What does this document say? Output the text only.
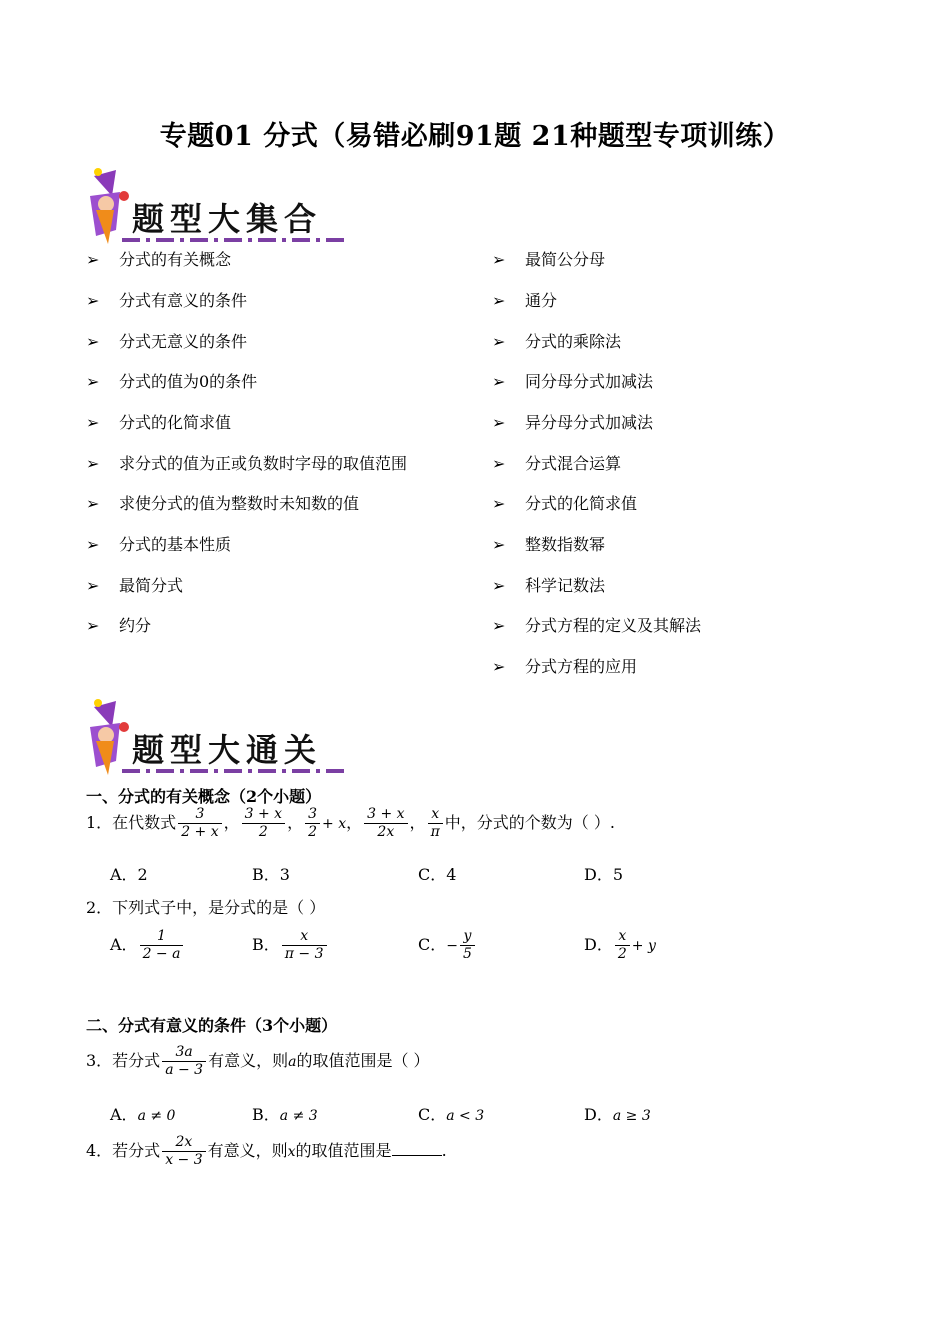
专题01 分式（易错必刷91题 21种题型专项训练）
题型大集合
➢ 分式的有关概念
➢ 分式有意义的条件
➢ 分式无意义的条件
➢ 分式的值为0的条件
➢ 分式的化简求值
➢ 求分式的值为正或负数时字母的取值范围
➢ 求使分式的值为整数时未知数的值
➢ 分式的基本性质
➢ 最简分式
➢ 约分
➢ 最简公分母
➢ 通分
➢ 分式的乘除法
➢ 同分母分式加减法
➢ 异分母分式加减法
➢ 分式混合运算
➢ 分式的化简求值
➢ 整数指数幂
➢ 科学记数法
➢ 分式方程的定义及其解法
➢ 分式方程的应用
题型大通关
一、分式的有关概念（2个小题）
1．在代数式 $\frac{3}{2 + x}$ ， $\frac{3 + x}{2}$ ， $\frac{3}{2} + x$， $\frac{3 + x}{2x}$ ， $\frac{x}{\pi}$ 中，分式的个数为（ ）.
A．2	B．3	C．4	D．5
2．下列式子中，是分式的是（ ）
A． $\frac{1}{2 - a}$	B． $\frac{x}{\pi - 3}$	C．− $\frac{y}{5}$	D． $\frac{x}{2} + y$
二、分式有意义的条件（3个小题）
3．若分式 $\frac{3a}{a - 3}$ 有意义，则a的取值范围是（ ）
A．a ≠ 0	B．a ≠ 3	C．a < 3	D．a ≥ 3
4．若分式 $\frac{2x}{x - 3}$ 有意义，则x的取值范围是	.
